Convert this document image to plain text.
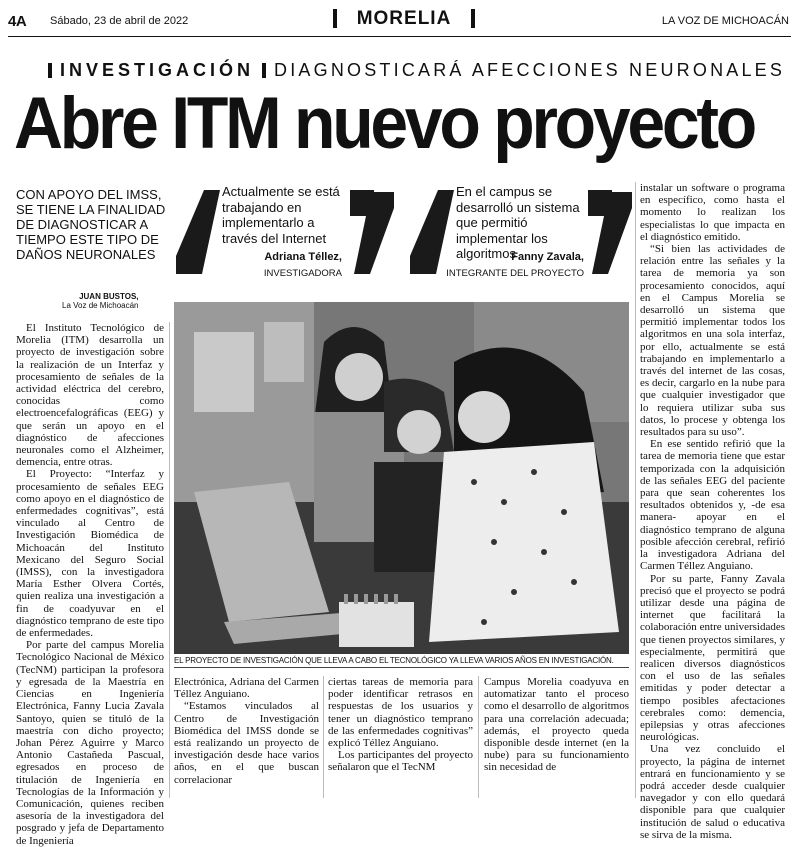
4A Sábado, 23 de abril de 2022	MORELIA	LA VOZ DE MICHOACÁN
INVESTIGACIÓN DIAGNOSTICARÁ AFECCIONES NEURONALES
Abre ITM nuevo proyecto
CON APOYO DEL IMSS, SE TIENE LA FINALIDAD DE DIAGNOSTICAR A TIEMPO ESTE TIPO DE DAÑOS NEURONALES
JUAN BUSTOS,
La Voz de Michoacán
Actualmente se está trabajando en implementarlo a través del Internet
Adriana Téllez,
INVESTIGADORA
En el campus se desarrolló un sistema que permitió implementar los algoritmos
Fanny Zavala,
INTEGRANTE DEL PROYECTO
EL PROYECTO DE INVESTIGACIÓN QUE LLEVA A CABO EL TECNOLÓGICO YA LLEVA VARIOS AÑOS EN INVESTIGACIÓN.

El Instituto Tecnológico de Morelia (ITM) desarrolla un proyecto de investigación sobre la realización de un Interfaz y procesamiento de señales de la actividad eléctrica del cerebro, conocidas como electroencefalográficas (EEG) y que serán un apoyo en el diagnóstico de afecciones neuronales como el Alzheimer, demencia, entre otras.

El Proyecto: “Interfaz y procesamiento de señales EEG como apoyo en el diagnóstico de enfermedades cognitivas”, está vinculado al Centro de Investigación Biomédica de Michoacán del Instituto Mexicano del Seguro Social (IMSS), con la investigadora María Esther Olvera Cortés, quien realiza una investigación a fin de coadyuvar en el diagnóstico temprano de este tipo de enfermedades.

Por parte del campus Morelia Tecnológico Nacional de México (TecNM) participan la profesora y egresada de la Maestría en Ciencias en Ingeniería Electrónica, Fanny Lucia Zavala Santoyo, quien se tituló de la maestría con dicho proyecto; Johan Pérez Aguirre y Marco Antonio Castañeda Pascual, egresados en proceso de titulación de Ingeniería en Tecnologías de la Información y Comunicación, quienes reciben asesoría de la investigadora del posgrado y jefa de Departamento de Ingeniería

Electrónica, Adriana del Carmen Téllez Anguiano.

“Estamos vinculados al Centro de Investigación Biomédica del IMSS donde se está realizando un proyecto de investigación desde hace varios años, en el que buscan correlacionar

ciertas tareas de memoria para poder identificar retrasos en respuestas de los usuarios y tener un diagnóstico temprano de las enfermedades cognitivas” explicó Téllez Anguiano.

Los participantes del proyecto señalaron que el TecNM

Campus Morelia coadyuva en automatizar tanto el proceso como el desarrollo de algoritmos para una correlación adecuada; además, el proyecto queda disponible desde internet (en la nube) para su funcionamiento sin necesidad de

instalar un software o programa en específico, como hasta el momento lo realizan los especialistas lo que impacta en el diagnóstico emitido.

“Si bien las actividades de relación entre las señales y la tarea de memoria ya son procesamiento conocidos, aquí en el Campus Morelia se desarrolló un sistema que permitió implementar todos los algoritmos en una sola interfaz, por ello, actualmente se está trabajando en implementarlo a través del internet de las cosas, es decir, cargarlo en la nube para que cualquier investigador que lo requiera utilizar suba sus datos, lo procese y obtenga los resultados para su uso”.

En ese sentido refirió que la tarea de memoria tiene que estar temporizada con la adquisición de las señales EEG del paciente para que sean coherentes los resultados obtenidos y, -de esa manera- apoyar en el diagnóstico temprano de alguna posible afección cerebral, refirió la investigadora Adriana del Carmen Téllez Anguiano.

Por su parte, Fanny Zavala precisó que el proyecto se podrá utilizar desde una página de internet que facilitará la colaboración entre universidades que tienen proyectos similares, y especialmente, permitirá que realicen diversos diagnósticos con el uso de las señales emitidas y poder detectar a tiempo posibles afectaciones cerebrales como: demencia, epilepsias y otras afecciones neurológicas.

Una vez concluido el proyecto, la página de internet entrará en funcionamiento y se podrá acceder desde cualquier navegador y con ello quedará disponible para que cualquier institución de salud o educativa se sirva de la misma.
